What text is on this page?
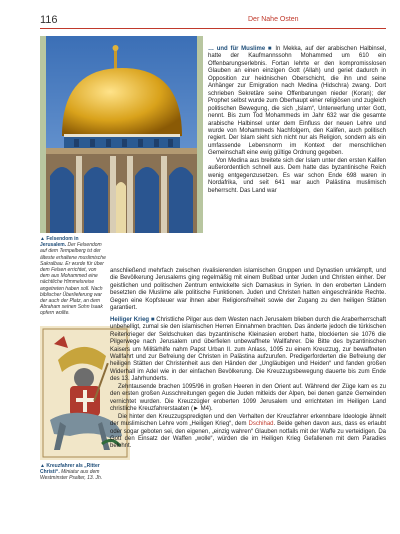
116	Der Nahe Osten
▲ Felsendom in Jerusalem. Der Felsendom auf dem Tempelberg ist der älteste erhaltene muslimische Sakralbau. Er wurde für über dem Felsen errichtet, von dem aus Mohammed eine nächtliche Himmelsreise angetreten haben soll. Nach biblischer Überlieferung war der auch der Platz, an dem Abraham seinen Sohn Isaak opfern wollte.
▲ Kreuzfahrer als „Ritter Christi“. Miniatur aus dem Westminster Psalter, 13. Jh.

… und für Muslime ■ In Mekka, auf der arabischen Halbinsel, hatte der Kaufmannssohn Mohammed um 610 ein Offenbarungserlebnis. Fortan lehrte er den kompromisslosen Glauben an einen einzigen Gott (Allah) und geriet dadurch in Opposition zur heidnischen Oberschicht, die ihn und seine Anhänger zur Emigration nach Medina (Hidschra) zwang. Dort schrieben Sekretäre seine Offenbarungen nieder (Koran); der Prophet selbst wurde zum Oberhaupt einer religiösen und zugleich politischen Bewegung, die sich „Islam“, Unterwerfung unter Gott, nennt. Bis zum Tod Mohammeds im Jahr 632 war die gesamte arabische Halbinsel unter dem Einfluss der neuen Lehre und wurde von Mohammeds Nachfolgern, den Kalifen, auch politisch regiert. Der Islam sieht sich nicht nur als Religion, sondern als ein umfassende Lebensnorm im Kontext der menschlichen Gemeinschaft eine ewig gültige Ordnung gegeben.

Von Medina aus breitete sich der Islam unter den ersten Kalifen außerordentlich schnell aus. Dem hatte das byzantinische Reich wenig entgegenzusetzen. Es war schon Ende 698 waren in Nordafrika, und seit 641 war auch Palästina muslimisch beherrscht. Das Land war

anschließend mehrfach zwischen rivalisierenden islamischen Gruppen und Dynastien umkämpft, und die Bevölkerung Jerusalems ging regelmäßig mit einem Bußbad unter Juden und Christen einher. Der geistlichen und politischen Zentrum entwickelte sich Damaskus in Syrien. In den eroberten Ländern besetzten die Muslime alle politische Funktionen. Juden und Christen hatten eingeschränkte Rechte. Gegen eine Kopfsteuer war ihnen aber Religionsfreiheit sowie der Zugang zu den heiligen Stätten garantiert.

Heiliger Krieg ■ Christliche Pilger aus dem Westen nach Jerusalem blieben durch die Araberherrschaft unbehelligt, zumal sie den islamischen Herren Einnahmen brachten. Das änderte jedoch die türkischen Reiterkrieger der Seldschuken das byzantinische Kleinasien erobert hatte, blockierten sie 1076 die Pilgerwege nach Jerusalem und überfielen unbewaffnete Wallfahrer. Die Bitte des byzantinischen Kaisers um Militärhilfe nahm Papst Urban II. zum Anlass, 1095 zu einem Kreuzzug, zur bewaffneten Wallfahrt und zur Befreiung der Christen in Palästina aufzurufen. Predigerforderten die Befreiung der heiligen Stätten der Christenheit aus den Händen der „Ungläubigen und Heiden“ und fanden großen Widerhall im Adel wie in der einfachen Bevölkerung. Die Kreuzzugsbewegung dauerte bis zum Ende des 13. Jahrhunderts.

Zehntausende brachen 1095/96 in großen Heeren in den Orient auf. Während der Züge kam es zu den ersten großen Ausschreitungen gegen die Juden mitleids der Alpen, bei denen ganze Gemeinden vernichtet wurden. Die Kreuzzügler eroberten 1099 Jerusalem und errichteten im Heiligen Land christliche Kreuzfahrerstaaten (► M4).

Die hinter den Kreuzzugspredigten und den Verhalten der Kreuzfahrer erkennbare Ideologie ähnelt der muslimischen Lehre vom „Heiligen Krieg“, dem Dschihad. Beide gehen davon aus, dass es erlaubt oder sogar geboten sei, den eigenen, „einzig wahren“ Glauben notfalls mit der Waffe zu verteidigen. Da Gott den Einsatz der Waffen „wolle“, würden die im Heiligen Krieg Gefallenen mit dem Paradies belohnt.
